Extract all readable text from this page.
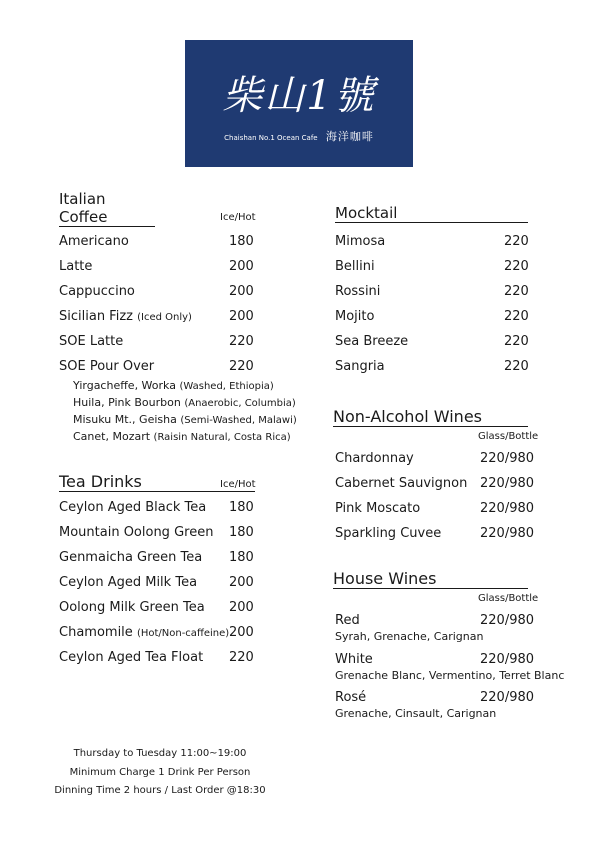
柴山1號
Chaishan No.1 Ocean Cafe 海洋咖啡
Italian Coffee	Ice/Hot
Americano	180
Latte	200
Cappuccino	200
Sicilian Fizz (Iced Only)	200
SOE Latte	220
SOE Pour Over	220
Yirgacheffe, Worka (Washed, Ethiopia)
Huila, Pink Bourbon (Anaerobic, Columbia)
Misuku Mt., Geisha (Semi-Washed, Malawi)
Canet, Mozart (Raisin Natural, Costa Rica)
Tea Drinks	Ice/Hot
Ceylon Aged Black Tea 180
Mountain Oolong Green 180
Genmaicha Green Tea 180
Ceylon Aged Milk Tea 200
Oolong Milk Green Tea 200
Chamomile (Hot/Non-caffeine) 200
Ceylon Aged Tea Float 220
Mocktail
Mimosa	220
Bellini	220
Rossini	220
Mojito	220
Sea Breeze	220
Sangria	220
Non-Alcohol Wines
Glass/Bottle
Chardonnay	220/980
Cabernet Sauvignon 220/980
Pink Moscato	220/980
Sparkling Cuvee	220/980
House Wines
Glass/Bottle
Red	220/980
Syrah, Grenache, Carignan
White	220/980
Grenache Blanc, Vermentino, Terret Blanc
Rosé	220/980
Grenache, Cinsault, Carignan
Thursday to Tuesday 11:00~19:00
Minimum Charge 1 Drink Per Person
Dinning Time 2 hours / Last Order @18:30
